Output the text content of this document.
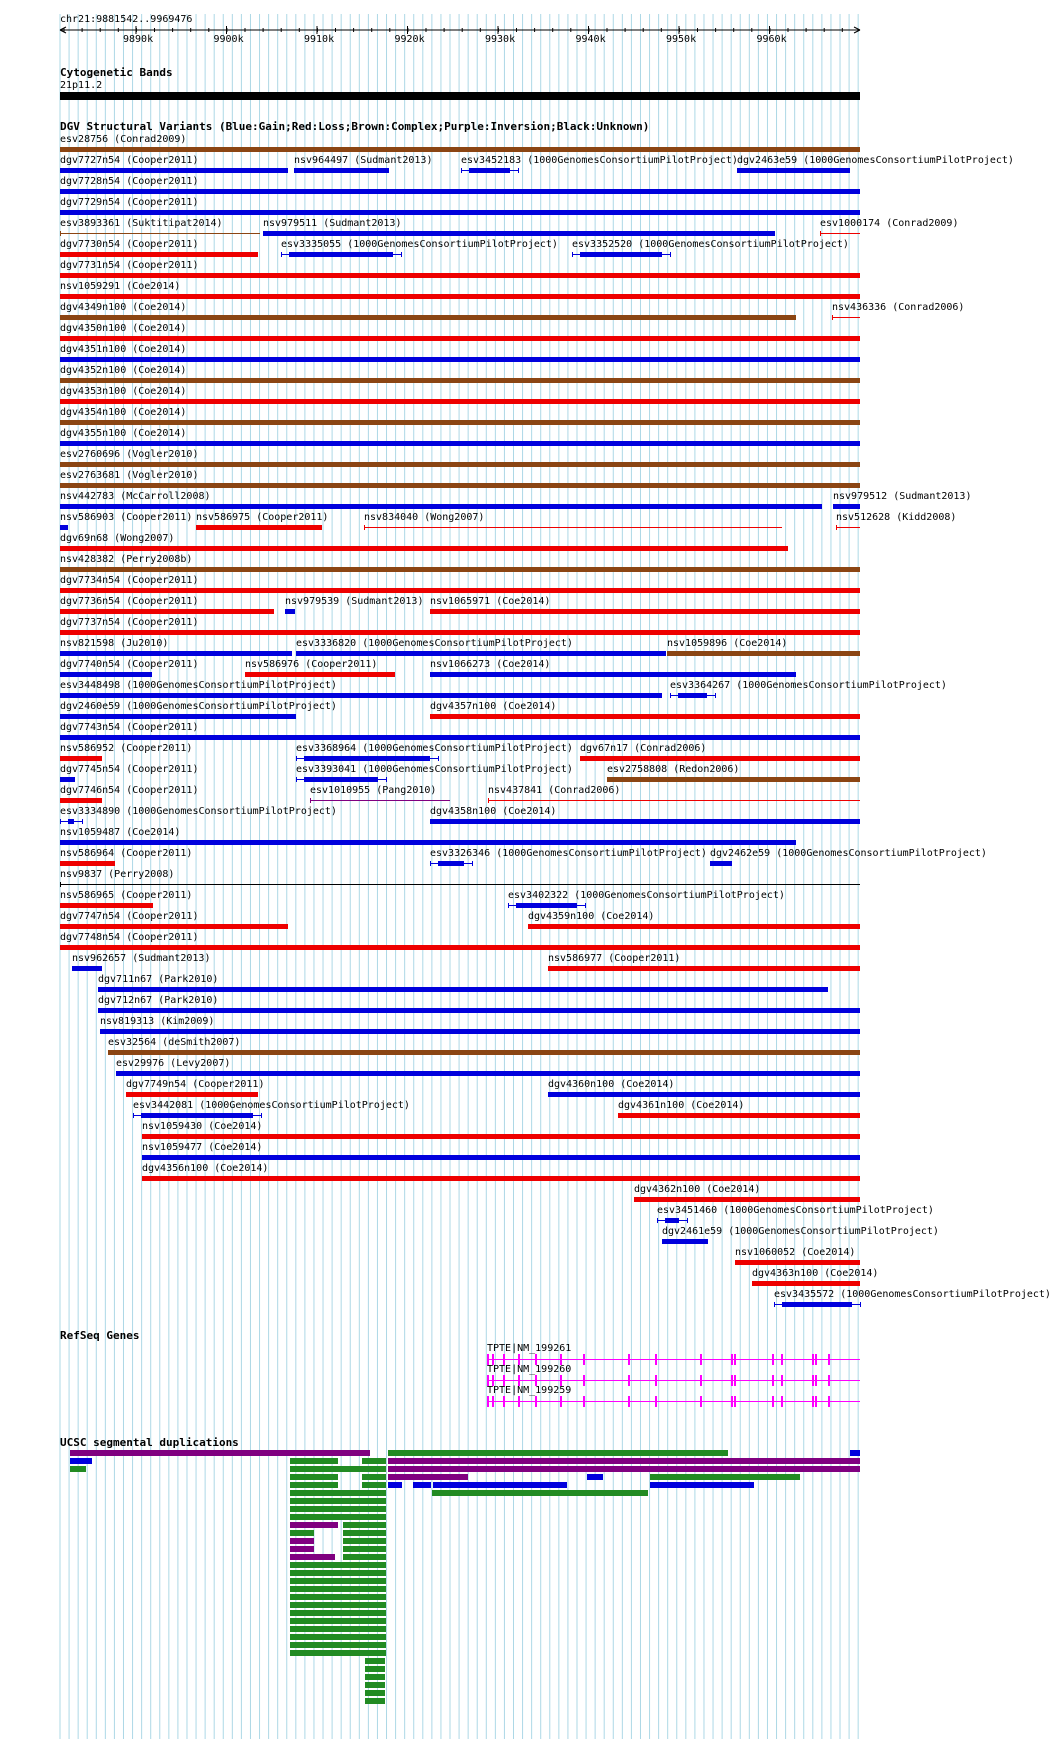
chr21:9881542..9969476
9890k	9900k	9910k	9920k	9930k	9940k	9950k	9960k
Cytogenetic Bands
21p11.2
DGV Structural Variants (Blue:Gain;Red:Loss;Brown:Complex;Purple:Inversion;Black:Unknown)
esv28756 (Conrad2009)
dgv7727n54 (Cooper2011)	nsv964497 (Sudmant2013)	esv3452183 (1000GenomesConsortiumPilotProject) dgv2463e59 (1000GenomesConsortiumPilotProject)
dgv7728n54 (Cooper2011)
dgv7729n54 (Cooper2011)
esv3893361 (Suktitipat2014)	nsv979511 (Sudmant2013)	esv1000174 (Conrad2009)
dgv7730n54 (Cooper2011)	esv3335055 (1000GenomesConsortiumPilotProject) esv3352520 (1000GenomesConsortiumPilotProject)
dgv7731n54 (Cooper2011)
nsv1059291 (Coe2014)
dgv4349n100 (Coe2014)	nsv436336 (Conrad2006)
dgv4350n100 (Coe2014)
dgv4351n100 (Coe2014)
dgv4352n100 (Coe2014)
dgv4353n100 (Coe2014)
dgv4354n100 (Coe2014)
dgv4355n100 (Coe2014)
esv2760696 (Vogler2010)
esv2763681 (Vogler2010)
nsv442783 (McCarroll2008)	nsv979512 (Sudmant2013)
nsv586903 (Cooper2011) nsv586975 (Cooper2011)	nsv834040 (Wong2007)	nsv512628 (Kidd2008)
dgv69n68 (Wong2007)
nsv428382 (Perry2008b)
dgv7734n54 (Cooper2011)
dgv7736n54 (Cooper2011)	nsv979539 (Sudmant2013) nsv1065971 (Coe2014)
dgv7737n54 (Cooper2011)
nsv821598 (Ju2010)	esv3336820 (1000GenomesConsortiumPilotProject)	nsv1059896 (Coe2014)
dgv7740n54 (Cooper2011)	nsv586976 (Cooper2011)	nsv1066273 (Coe2014)
esv3448498 (1000GenomesConsortiumPilotProject)	esv3364267 (1000GenomesConsortiumPilotProject)
dgv2460e59 (1000GenomesConsortiumPilotProject)	dgv4357n100 (Coe2014)
dgv7743n54 (Cooper2011)
nsv586952 (Cooper2011)	esv3368964 (1000GenomesConsortiumPilotProject) dgv67n17 (Conrad2006)
dgv7745n54 (Cooper2011)	esv3393041 (1000GenomesConsortiumPilotProject)	esv2758808 (Redon2006)
dgv7746n54 (Cooper2011)	esv1010955 (Pang2010)	nsv437841 (Conrad2006)
esv3334890 (1000GenomesConsortiumPilotProject)	dgv4358n100 (Coe2014)
nsv1059487 (Coe2014)
nsv586964 (Cooper2011)	esv3326346 (1000GenomesConsortiumPilotProject) dgv2462e59 (1000GenomesConsortiumPilotProject)
nsv9837 (Perry2008)
nsv586965 (Cooper2011)	esv3402322 (1000GenomesConsortiumPilotProject)
dgv7747n54 (Cooper2011)	dgv4359n100 (Coe2014)
dgv7748n54 (Cooper2011)
nsv962657 (Sudmant2013)	nsv586977 (Cooper2011)
dgv711n67 (Park2010)
dgv712n67 (Park2010)
nsv819313 (Kim2009)
esv32564 (deSmith2007)
esv29976 (Levy2007)
dgv7749n54 (Cooper2011)	dgv4360n100 (Coe2014)
esv3442081 (1000GenomesConsortiumPilotProject)	dgv4361n100 (Coe2014)
nsv1059430 (Coe2014)
nsv1059477 (Coe2014)
dgv4356n100 (Coe2014)
dgv4362n100 (Coe2014)
esv3451460 (1000GenomesConsortiumPilotProject)
dgv2461e59 (1000GenomesConsortiumPilotProject)
nsv1060052 (Coe2014)
dgv4363n100 (Coe2014)
esv3435572 (1000GenomesConsortiumPilotProject)
RefSeq Genes
TPTE|NM_199261
TPTE|NM_199260
TPTE|NM_199259
UCSC segmental duplications
